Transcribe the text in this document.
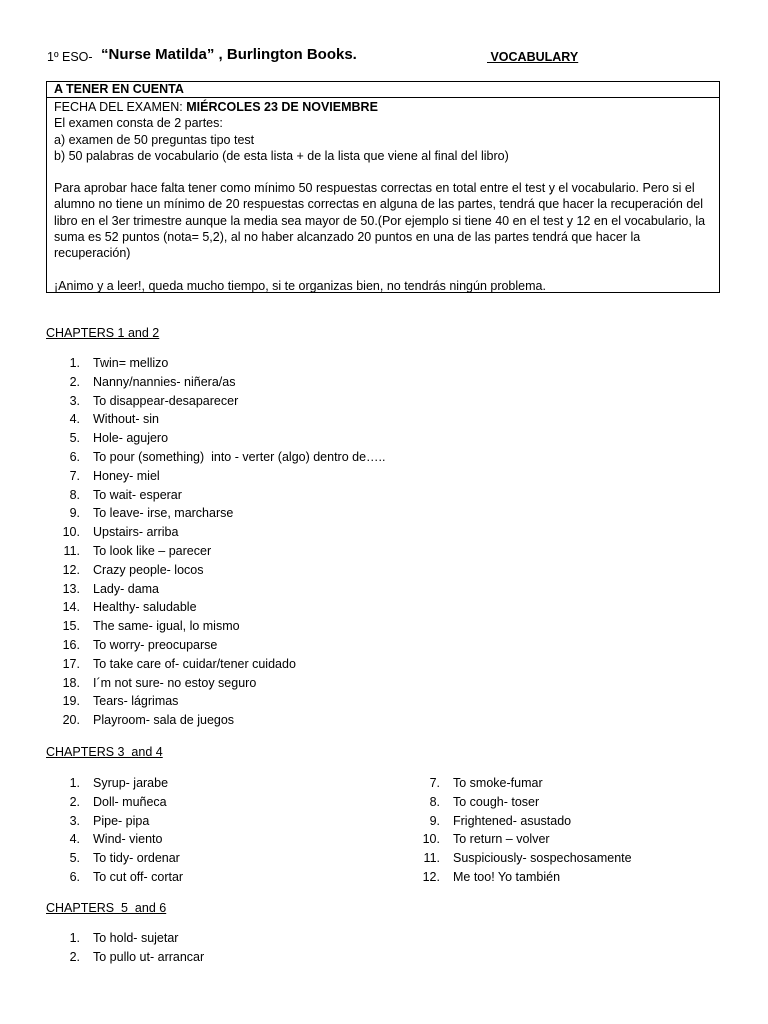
1º ESO- “Nurse Matilda” , Burlington Books.	VOCABULARY
A TENER EN CUENTA

FECHA DEL EXAMEN: MIÉRCOLES 23 DE NOVIEMBRE

El examen consta de 2 partes:

a) examen de 50 preguntas tipo test

b) 50 palabras de vocabulario (de esta lista + de la lista que viene al final del libro)

Para aprobar hace falta tener como mínimo 50 respuestas correctas en total entre el test y el vocabulario. Pero si el alumno no tiene un mínimo de 20 respuestas correctas en alguna de las partes, tendrá que hacer la recuperación del libro en el 3er trimestre aunque la media sea mayor de 50.(Por ejemplo si tiene 40 en el test y 12 en el vocabulario, la suma es 52 puntos (nota= 5,2), al no haber alcanzado 20 puntos en una de las partes tendrá que hacer la recuperación)

¡Animo y a leer!, queda mucho tiempo, si te organizas bien, no tendrás ningún problema.

CHAPTERS 1 and 2
1. Twin= mellizo
2. Nanny/nannies- niñera/as
3. To disappear-desaparecer
4. Without- sin
5. Hole- agujero
6. To pour (something)  into - verter (algo) dentro de…..
7. Honey- miel
8. To wait- esperar
9. To leave- irse, marcharse
10. Upstairs- arriba
11. To look like – parecer
12. Crazy people- locos
13. Lady- dama
14. Healthy- saludable
15. The same- igual, lo mismo
16. To worry- preocuparse
17. To take care of- cuidar/tener cuidado
18. I´m not sure- no estoy seguro
19. Tears- lágrimas
20. Playroom- sala de juegos
CHAPTERS 3  and 4
1. Syrup- jarabe
2. Doll- muñeca
3. Pipe- pipa
4. Wind- viento
5. To tidy- ordenar
6. To cut off- cortar
7. To smoke-fumar
8. To cough- toser
9. Frightened- asustado
10. To return – volver
11. Suspiciously- sospechosamente
12. Me too! Yo también
CHAPTERS  5  and 6
1. To hold- sujetar
2. To pullo ut- arrancar
